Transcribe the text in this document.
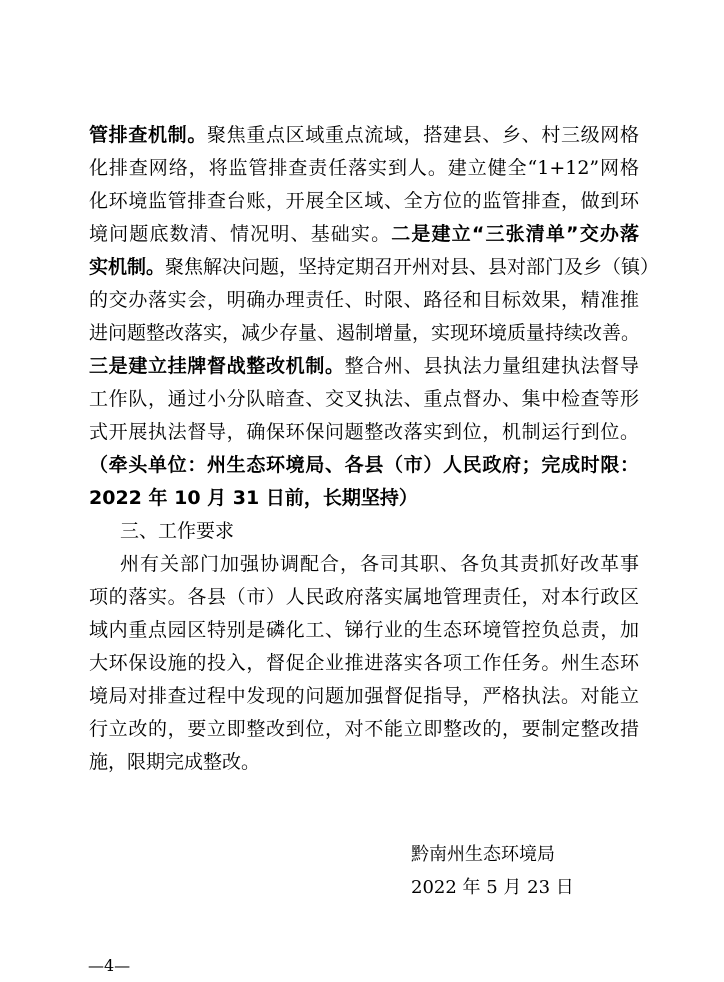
管排查机制。聚焦重点区域重点流域，搭建县、乡、村三级网格
化排查网络，将监管排查责任落实到人。建立健全“1+12”网格
化环境监管排查台账，开展全区域、全方位的监管排查，做到环
境问题底数清、情况明、基础实。二是建立“三张清单”交办落
实机制。聚焦解决问题，坚持定期召开州对县、县对部门及乡（镇）
的交办落实会，明确办理责任、时限、路径和目标效果，精准推
进问题整改落实，减少存量、遏制增量，实现环境质量持续改善。
三是建立挂牌督战整改机制。整合州、县执法力量组建执法督导
工作队，通过小分队暗查、交叉执法、重点督办、集中检查等形
式开展执法督导，确保环保问题整改落实到位，机制运行到位。
（牵头单位：州生态环境局、各县（市）人民政府；完成时限：
2022 年 10 月 31 日前，长期坚持）
三、工作要求
州有关部门加强协调配合，各司其职、各负其责抓好改革事
项的落实。各县（市）人民政府落实属地管理责任，对本行政区
域内重点园区特别是磷化工、锑行业的生态环境管控负总责，加
大环保设施的投入，督促企业推进落实各项工作任务。州生态环
境局对排查过程中发现的问题加强督促指导，严格执法。对能立
行立改的，要立即整改到位，对不能立即整改的，要制定整改措
施，限期完成整改。
黔南州生态环境局
2022 年 5 月 23 日
—4—
